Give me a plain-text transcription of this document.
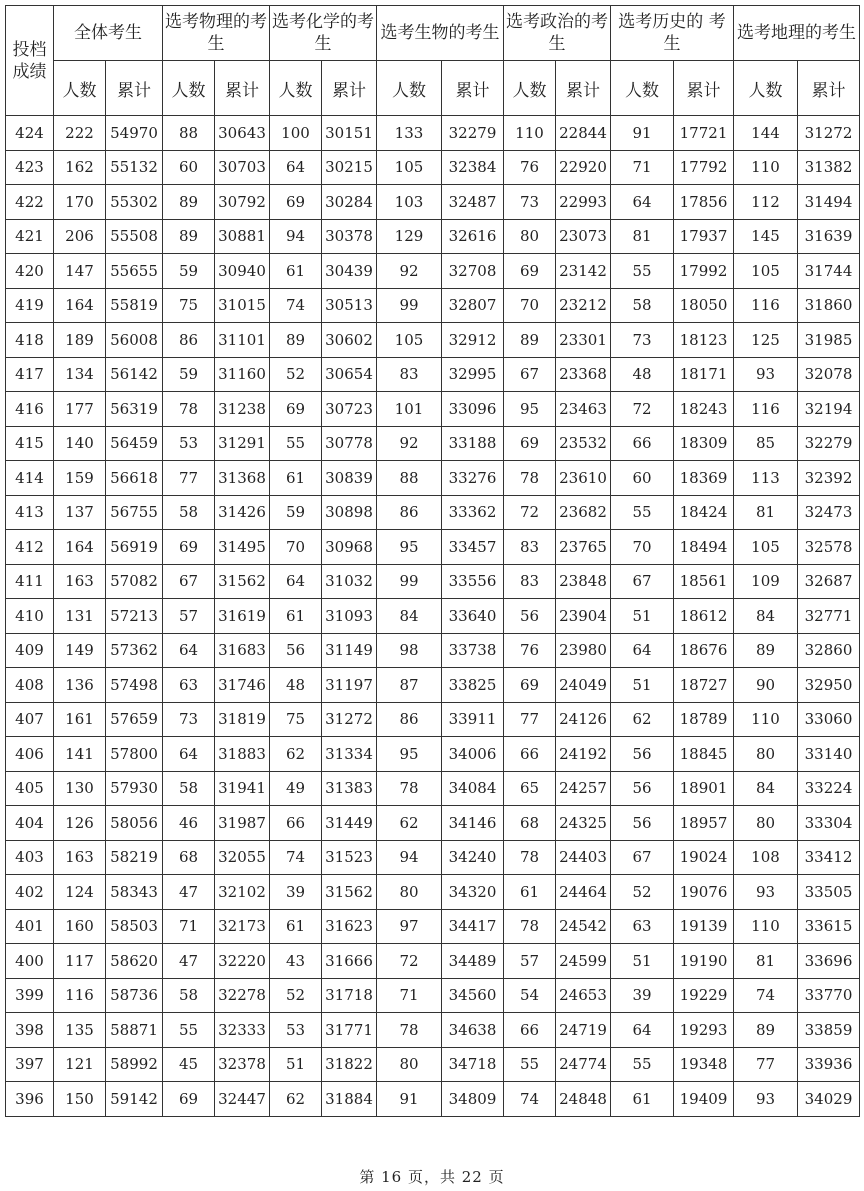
投档成绩	全体考生		选考物理的考生		选考化学的考生		选考生物的考生		选考政治的考生		选考历史的 考生		选考地理的考生	
	人数	累计	人数	累计	人数	累计	人数	累计	人数	累计	人数	累计	人数	累计
424	222	54970	88	30643	100	30151	133	32279	110	22844	91	17721	144	31272
423	162	55132	60	30703	64	30215	105	32384	76	22920	71	17792	110	31382
422	170	55302	89	30792	69	30284	103	32487	73	22993	64	17856	112	31494
421	206	55508	89	30881	94	30378	129	32616	80	23073	81	17937	145	31639
420	147	55655	59	30940	61	30439	92	32708	69	23142	55	17992	105	31744
419	164	55819	75	31015	74	30513	99	32807	70	23212	58	18050	116	31860
418	189	56008	86	31101	89	30602	105	32912	89	23301	73	18123	125	31985
417	134	56142	59	31160	52	30654	83	32995	67	23368	48	18171	93	32078
416	177	56319	78	31238	69	30723	101	33096	95	23463	72	18243	116	32194
415	140	56459	53	31291	55	30778	92	33188	69	23532	66	18309	85	32279
414	159	56618	77	31368	61	30839	88	33276	78	23610	60	18369	113	32392
413	137	56755	58	31426	59	30898	86	33362	72	23682	55	18424	81	32473
412	164	56919	69	31495	70	30968	95	33457	83	23765	70	18494	105	32578
411	163	57082	67	31562	64	31032	99	33556	83	23848	67	18561	109	32687
410	131	57213	57	31619	61	31093	84	33640	56	23904	51	18612	84	32771
409	149	57362	64	31683	56	31149	98	33738	76	23980	64	18676	89	32860
408	136	57498	63	31746	48	31197	87	33825	69	24049	51	18727	90	32950
407	161	57659	73	31819	75	31272	86	33911	77	24126	62	18789	110	33060
406	141	57800	64	31883	62	31334	95	34006	66	24192	56	18845	80	33140
405	130	57930	58	31941	49	31383	78	34084	65	24257	56	18901	84	33224
404	126	58056	46	31987	66	31449	62	34146	68	24325	56	18957	80	33304
403	163	58219	68	32055	74	31523	94	34240	78	24403	67	19024	108	33412
402	124	58343	47	32102	39	31562	80	34320	61	24464	52	19076	93	33505
401	160	58503	71	32173	61	31623	97	34417	78	24542	63	19139	110	33615
400	117	58620	47	32220	43	31666	72	34489	57	24599	51	19190	81	33696
399	116	58736	58	32278	52	31718	71	34560	54	24653	39	19229	74	33770
398	135	58871	55	32333	53	31771	78	34638	66	24719	64	19293	89	33859
397	121	58992	45	32378	51	31822	80	34718	55	24774	55	19348	77	33936
396	150	59142	69	32447	62	31884	91	34809	74	24848	61	19409	93	34029
第 16 页，共 22 页
